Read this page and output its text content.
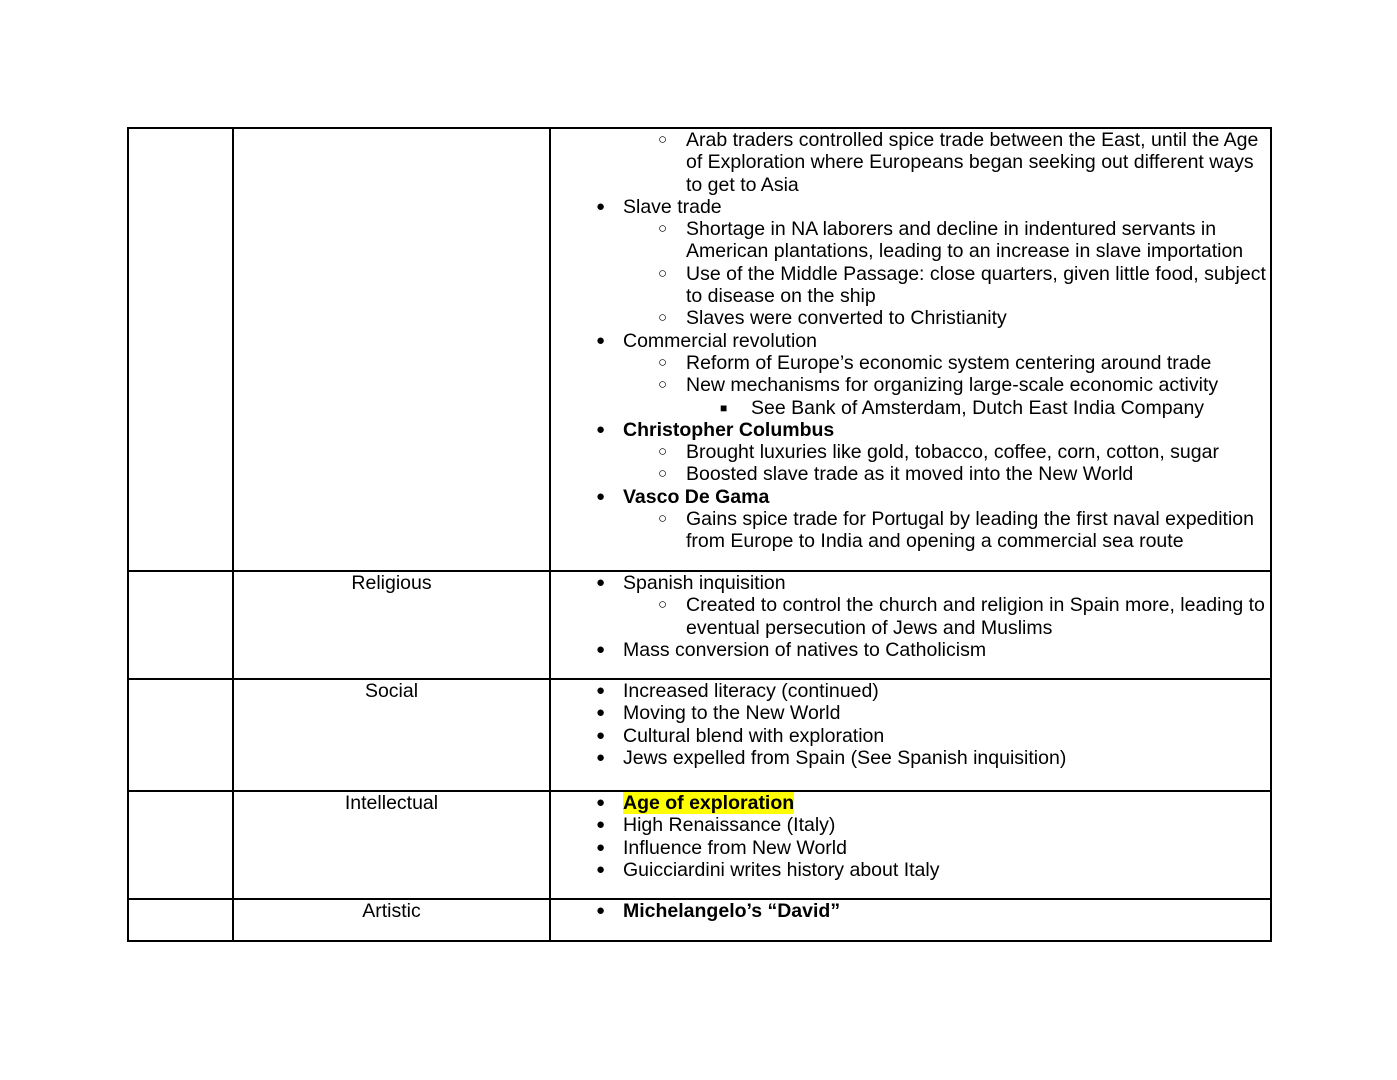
○ Arab traders controlled spice trade between the East, until the Age of Exploration where Europeans began seeking out different ways to get to Asia
● Slave trade
○ Shortage in NA laborers and decline in indentured servants in American plantations, leading to an increase in slave importation
○ Use of the Middle Passage: close quarters, given little food, subject to disease on the ship
○ Slaves were converted to Christianity
● Commercial revolution
○ Reform of Europe’s economic system centering around trade
○ New mechanisms for organizing large-scale economic activity
■ See Bank of Amsterdam, Dutch East India Company
● Christopher Columbus
○ Brought luxuries like gold, tobacco, coffee, corn, cotton, sugar
○ Boosted slave trade as it moved into the New World
● Vasco De Gama
○ Gains spice trade for Portugal by leading the first naval expedition from Europe to India and opening a commercial sea route

	Religious	● Spanish inquisition
○ Created to control the church and religion in Spain more, leading to eventual persecution of Jews and Muslims
● Mass conversion of natives to Catholicism

	Social	● Increased literacy (continued)
● Moving to the New World
● Cultural blend with exploration
● Jews expelled from Spain (See Spanish inquisition)

	Intellectual	● Age of exploration
● High Renaissance (Italy)
● Influence from New World
● Guicciardini writes history about Italy

	Artistic	● Michelangelo’s “David”
